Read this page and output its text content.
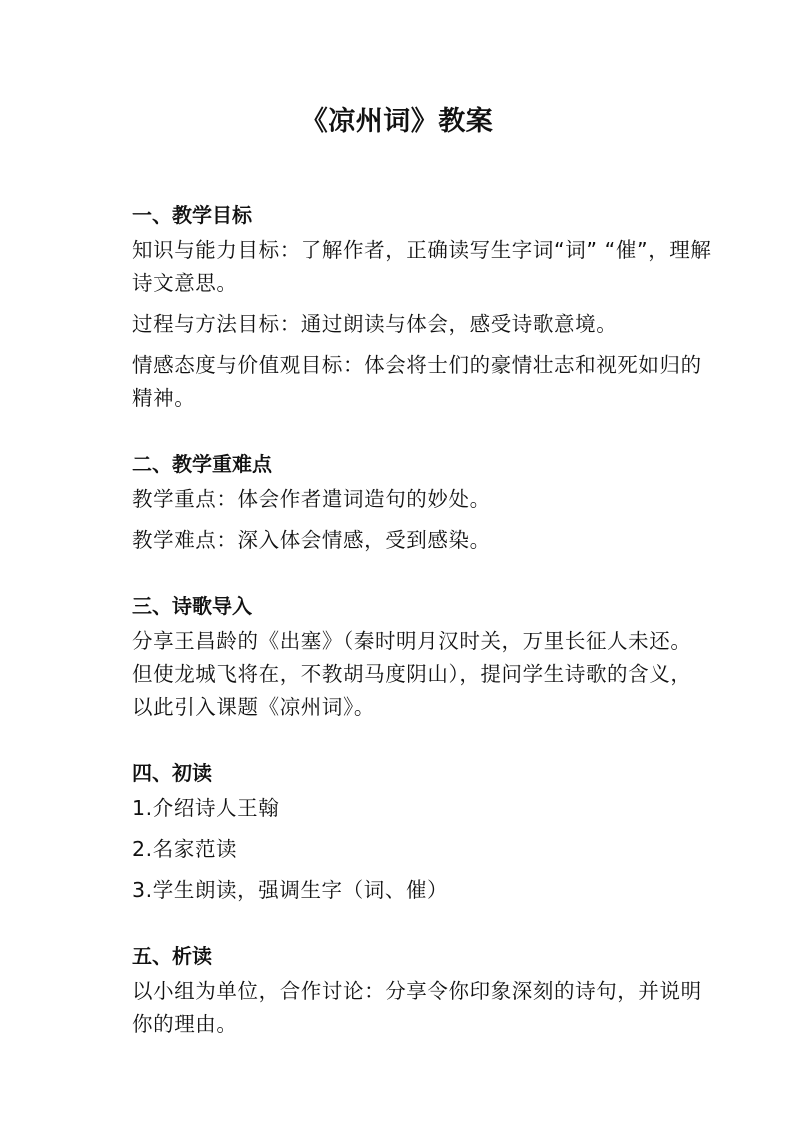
《凉州词》教案
一、教学目标

知识与能力目标：了解作者，正确读写生字词“词” “催”，理解诗文意思。

过程与方法目标：通过朗读与体会，感受诗歌意境。

情感态度与价值观目标：体会将士们的豪情壮志和视死如归的精神。

二、教学重难点

教学重点：体会作者遣词造句的妙处。

教学难点：深入体会情感，受到感染。

三、诗歌导入

分享王昌龄的《出塞》（秦时明月汉时关，万里长征人未还。但使龙城飞将在，不教胡马度阴山），提问学生诗歌的含义，以此引入课题《凉州词》。

四、初读

1.介绍诗人王翰

2.名家范读

3.学生朗读，强调生字（词、催）

五、析读

以小组为单位，合作讨论：分享令你印象深刻的诗句，并说明你的理由。
